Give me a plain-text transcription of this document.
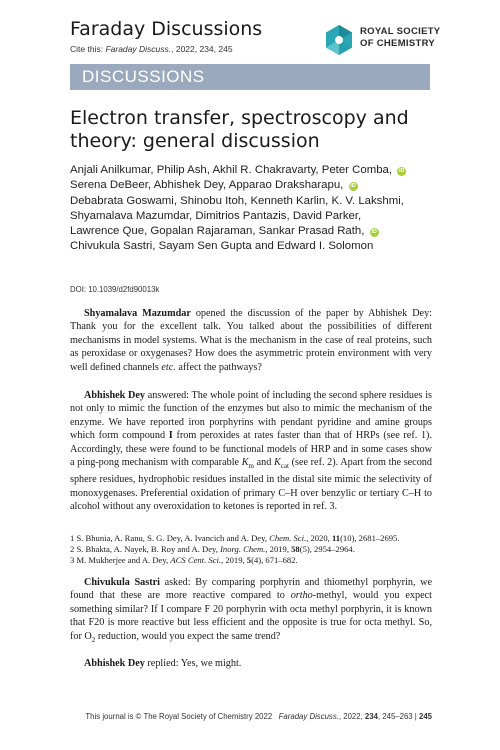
Faraday Discussions
Cite this: Faraday Discuss., 2022, 234, 245
ROYAL SOCIETY
OF CHEMISTRY
DISCUSSIONS
Electron transfer, spectroscopy and theory: general discussion
Anjali Anilkumar, Philip Ash, Akhil R. Chakravarty, Peter Comba, iD
Serena DeBeer, Abhishek Dey, Apparao Draksharapu, iD
Debabrata Goswami, Shinobu Itoh, Kenneth Karlin, K. V. Lakshmi,
Shyamalava Mazumdar, Dimitrios Pantazis, David Parker,
Lawrence Que, Gopalan Rajaraman, Sankar Prasad Rath, iD
Chivukula Sastri, Sayam Sen Gupta and Edward I. Solomon
DOI: 10.1039/d2fd90013k
Shyamalava Mazumdar opened the discussion of the paper by Abhishek Dey: Thank you for the excellent talk. You talked about the possibilities of different mechanisms in model systems. What is the mechanism in the case of real proteins, such as peroxidase or oxygenases? How does the asymmetric protein environment with very well defined channels etc. affect the pathways?
Abhishek Dey answered: The whole point of including the second sphere residues is not only to mimic the function of the enzymes but also to mimic the mechanism of the enzyme. We have reported iron porphyrins with pendant pyridine and amine groups which form compound I from peroxides at rates faster than that of HRPs (see ref. 1). Accordingly, these were found to be functional models of HRP and in some cases show a ping-pong mechanism with comparable $K_m$ and $K_{cat}$ (see ref. 2). Apart from the second sphere residues, hydrophobic residues installed in the distal site mimic the selectivity of monoxygenases. Preferential oxidation of primary C–H over benzylic or tertiary C–H to alcohol without any overoxidation to ketones is reported in ref. 3.
1 S. Bhunia, A. Ranu, S. G. Dey, A. Ivancich and A. Dey, Chem. Sci., 2020, 11(10), 2681–2695.
2 S. Bhakta, A. Nayek, B. Roy and A. Dey, Inorg. Chem., 2019, 58(5), 2954–2964.
3 M. Mukherjee and A. Dey, ACS Cent. Sci., 2019, 5(4), 671–682.
Chivukula Sastri asked: By comparing porphyrin and thiomethyl porphyrin, we found that these are more reactive compared to ortho-methyl, would you expect something similar? If I compare F 20 porphyrin with octa methyl porphyrin, it is known that F20 is more reactive but less efficient and the opposite is true for octa methyl. So, for $O_2$ reduction, would you expect the same trend?
Abhishek Dey replied: Yes, we might.
This journal is © The Royal Society of Chemistry 2022 Faraday Discuss., 2022, 234, 245–263 | 245
